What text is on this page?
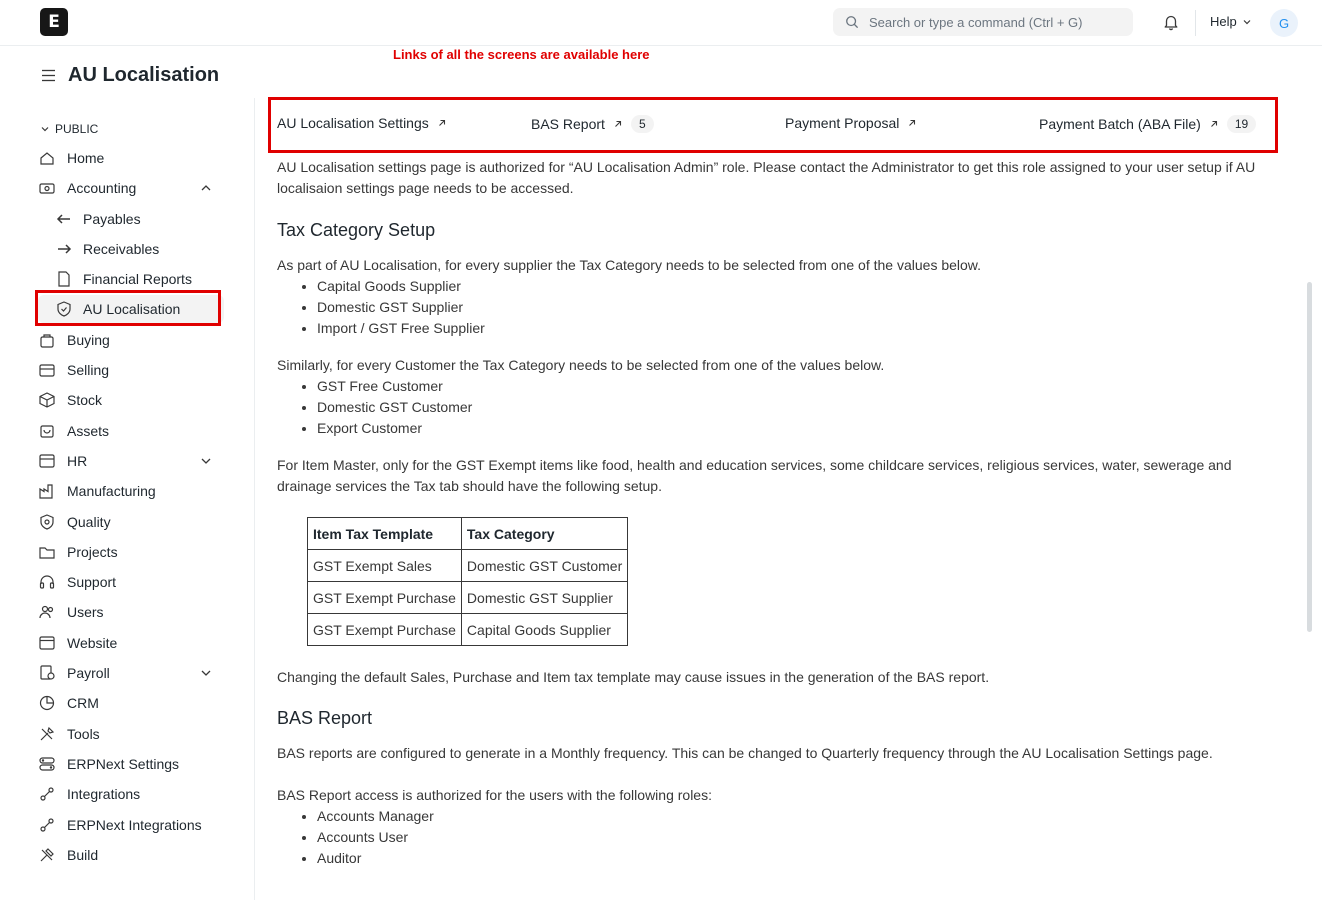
E	Search or type a command (Ctrl + G)	Help	G
AU Localisation
Links of all the screens are available here
PUBLIC
Home
Accounting
Payables
Receivables
Financial Reports
AU Localisation
Buying
Selling
Stock
Assets
HR
Manufacturing
Quality
Projects
Support
Users
Website
Payroll
CRM
Tools
ERPNext Settings
Integrations
ERPNext Integrations
Build
AU Localisation Settings	BAS Report	5	Payment Proposal	Payment Batch (ABA File)	19

AU Localisation settings page is authorized for “AU Localisation Admin” role. Please contact the Administrator to get this role assigned to your user setup if AU localisaion settings page needs to be accessed.

Tax Category Setup

As part of AU Localisation, for every supplier the Tax Category needs to be selected from one of the values below.

• Capital Goods Supplier
• Domestic GST Supplier
• Import / GST Free Supplier

Similarly, for every Customer the Tax Category needs to be selected from one of the values below.

• GST Free Customer
• Domestic GST Customer
• Export Customer

For Item Master, only for the GST Exempt items like food, health and education services, some childcare services, religious services, water, sewerage and drainage services the Tax tab should have the following setup.

Item Tax Template	Tax Category
GST Exempt Sales	Domestic GST Customer
GST Exempt Purchase	Domestic GST Supplier
GST Exempt Purchase	Capital Goods Supplier

Changing the default Sales, Purchase and Item tax template may cause issues in the generation of the BAS report.

BAS Report

BAS reports are configured to generate in a Monthly frequency. This can be changed to Quarterly frequency through the AU Localisation Settings page.

BAS Report access is authorized for the users with the following roles:

• Accounts Manager
• Accounts User
• Auditor
